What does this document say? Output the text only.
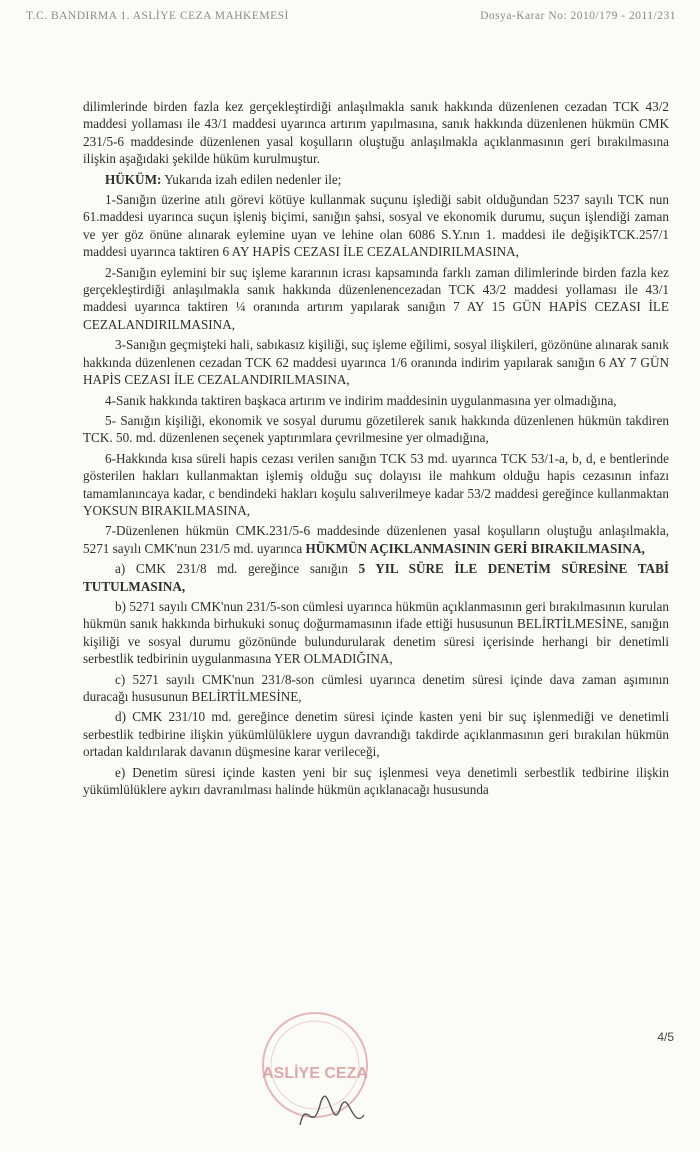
T.C. BANDIRMA 1. ASLİYE CEZA MAHKEMESİ	Dosya-Karar No: 2010/179 - 2011/231

dilimlerinde birden fazla kez gerçekleştirdiği anlaşılmakla sanık hakkında düzenlenen cezadan TCK 43/2 maddesi yollaması ile 43/1 maddesi uyarınca artırım yapılmasına, sanık hakkında düzenlenen hükmün CMK 231/5-6 maddesinde düzenlenen yasal koşulların oluştuğu anlaşılmakla açıklanmasının geri bırakılmasına ilişkin aşağıdaki şekilde hüküm kurulmuştur.

HÜKÜM: Yukarıda izah edilen nedenler ile;

1-Sanığın üzerine atılı görevi kötüye kullanmak suçunu işlediği sabit olduğundan 5237 sayılı TCK nun 61.maddesi uyarınca suçun işleniş biçimi, sanığın şahsi, sosyal ve ekonomik durumu, suçun işlendiği zaman ve yer göz önüne alınarak eylemine uyan ve lehine olan 6086 S.Y.nın 1. maddesi ile değişikTCK.257/1 maddesi uyarınca taktiren 6 AY HAPİS CEZASI İLE CEZALANDIRILMASINA,

2-Sanığın eylemini bir suç işleme kararının icrası kapsamında farklı zaman dilimlerinde birden fazla kez gerçekleştirdiği anlaşılmakla sanık hakkında düzenlenencezadan TCK 43/2 maddesi yollaması ile 43/1 maddesi uyarınca taktiren ¼ oranında artırım yapılarak sanığın 7 AY 15 GÜN HAPİS CEZASI İLE CEZALANDIRILMASINA,

3-Sanığın geçmişteki hali, sabıkasız kişiliği, suç işleme eğilimi, sosyal ilişkileri, gözönüne alınarak sanık hakkında düzenlenen cezadan TCK 62 maddesi uyarınca 1/6 oranında indirim yapılarak sanığın 6 AY 7 GÜN HAPİS CEZASI İLE CEZALANDIRILMASINA,

4-Sanık hakkında taktiren başkaca artırım ve indirim maddesinin uygulanmasına yer olmadığına,

5- Sanığın kişiliği, ekonomik ve sosyal durumu gözetilerek sanık hakkında düzenlenen hükmün takdiren TCK. 50. md. düzenlenen seçenek yaptırımlara çevrilmesine yer olmadığına,

6-Hakkında kısa süreli hapis cezası verilen sanığın TCK 53 md. uyarınca TCK 53/1-a, b, d, e bentlerinde gösterilen hakları kullanmaktan işlemiş olduğu suç dolayısı ile mahkum olduğu hapis cezasının infazı tamamlanıncaya kadar, c bendindeki hakları koşulu salıverilmeye kadar 53/2 maddesi gereğince kullanmaktan YOKSUN BIRAKILMASINA,

7-Düzenlenen hükmün CMK.231/5-6 maddesinde düzenlenen yasal koşulların oluştuğu anlaşılmakla, 5271 sayılı CMK'nun 231/5 md. uyarınca HÜKMÜN AÇIKLANMASININ GERİ BIRAKILMASINA,

a) CMK 231/8 md. gereğince sanığın 5 YIL SÜRE İLE DENETİM SÜRESİNE TABİ TUTULMASINA,

b) 5271 sayılı CMK'nun 231/5-son cümlesi uyarınca hükmün açıklanmasının geri bırakılmasının kurulan hükmün sanık hakkında birhukuki sonuç doğurmamasının ifade ettiği hususunun BELİRTİLMESİNE, sanığın kişiliği ve sosyal durumu gözönünde bulundurularak denetim süresi içerisinde herhangi bir denetimli serbestlik tedbirinin uygulanmasına YER OLMADIĞINA,

c) 5271 sayılı CMK'nun 231/8-son cümlesi uyarınca denetim süresi içinde dava zaman aşımının duracağı hususunun BELİRTİLMESİNE,

d) CMK 231/10 md. gereğince denetim süresi içinde kasten yeni bir suç işlenmediği ve denetimli serbestlik tedbirine ilişkin yükümlülüklere uygun davrandığı takdirde açıklanmasının geri bırakılan hükmün ortadan kaldırılarak davanın düşmesine karar verileceği,

e) Denetim süresi içinde kasten yeni bir suç işlenmesi veya denetimli serbestlik tedbirine ilişkin yükümlülüklere aykırı davranılması halinde hükmün açıklanacağı hususunda

ASLİYE CEZA
4/5
